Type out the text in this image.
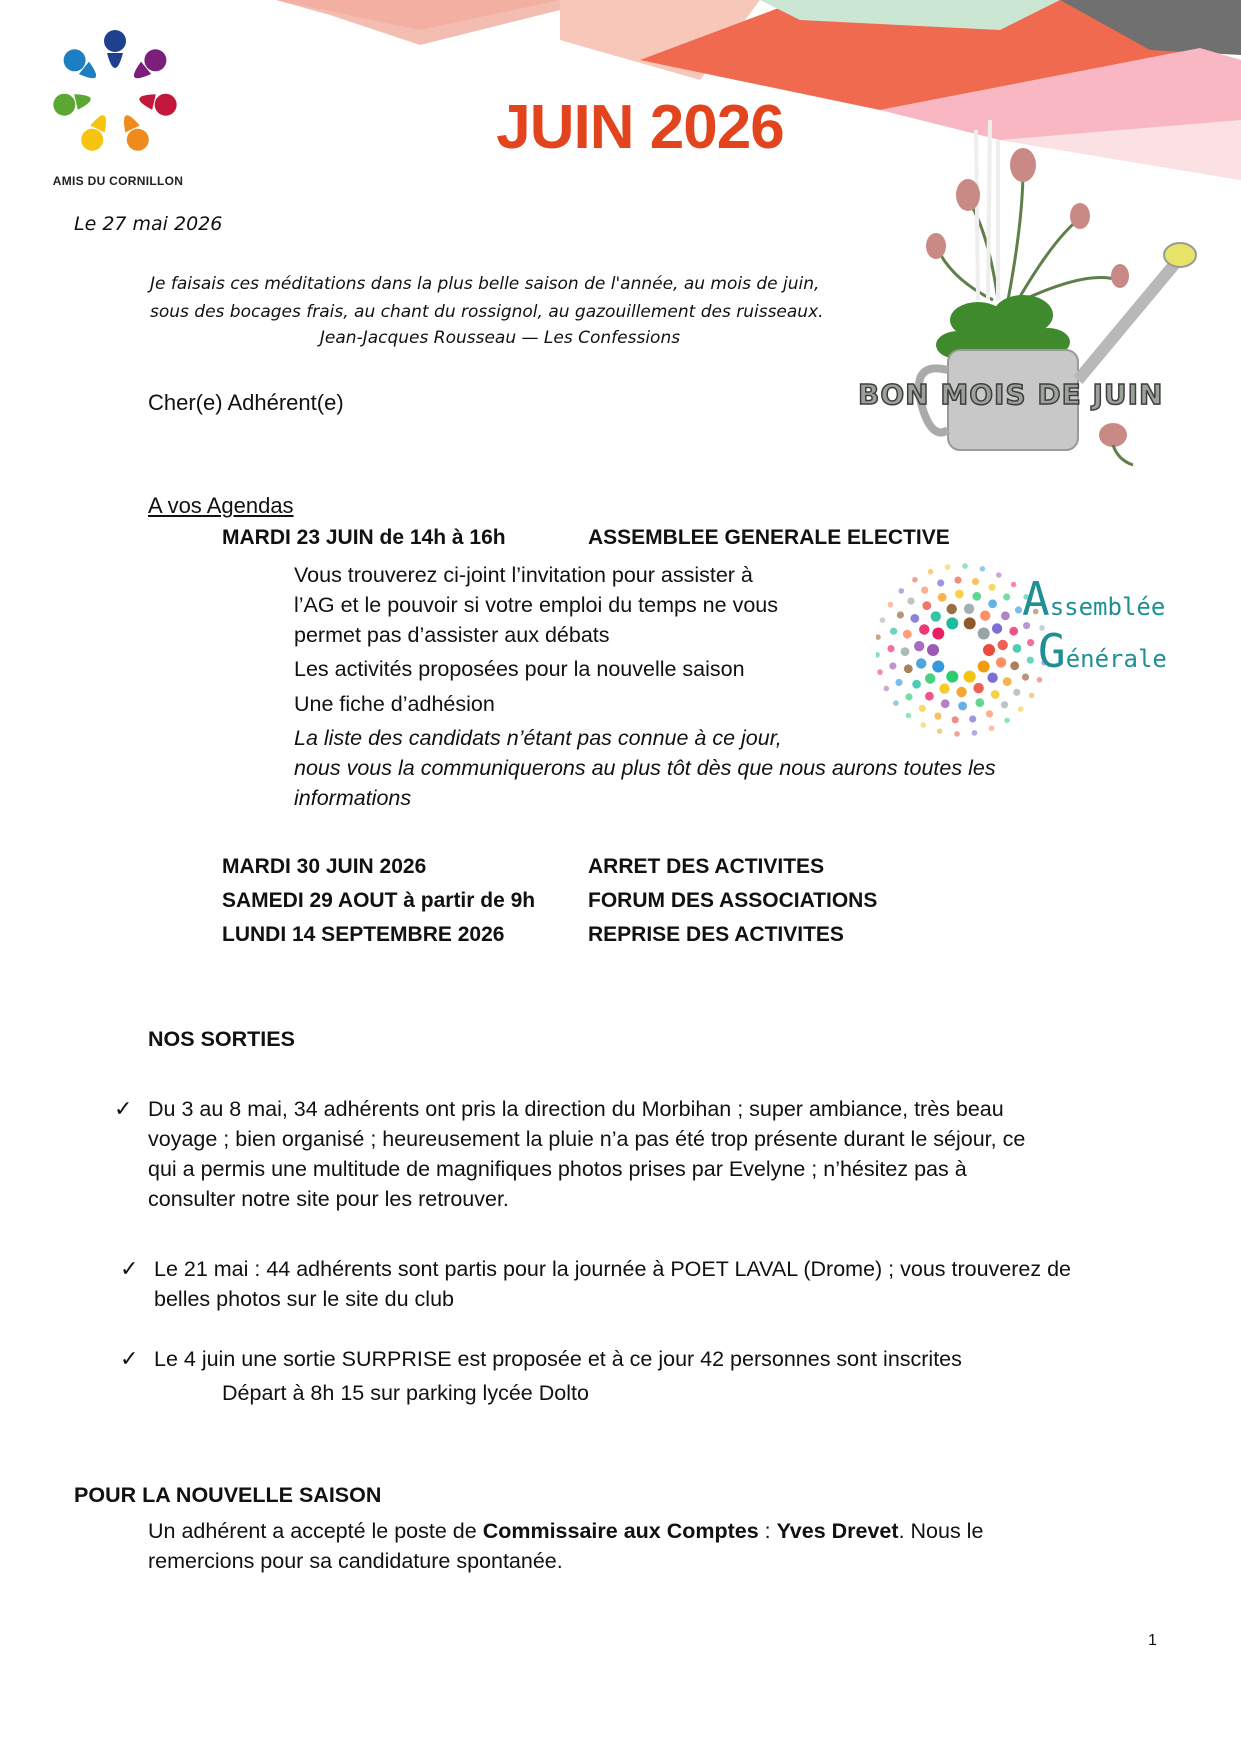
AMIS DU CORNILLON
JUIN 2026
Le 27 mai 2026
Je faisais ces méditations dans la plus belle saison de l'année, au mois de juin,
sous des bocages frais, au chant du rossignol, au gazouillement des ruisseaux.
Jean-Jacques Rousseau — Les Confessions
BON MOIS DE JUIN
Cher(e) Adhérent(e)
A vos Agendas
MARDI 23 JUIN de 14h à 16h	ASSEMBLEE GENERALE ELECTIVE
Vous trouverez ci-joint l’invitation pour assister à
l’AG et le pouvoir si votre emploi du temps ne vous
permet pas d’assister aux débats
Les activités proposées pour la nouvelle saison
Une fiche d’adhésion
La liste des candidats n’étant pas connue à ce jour,
nous vous la communiquerons au plus tôt dès que nous aurons toutes les
informations
Assemblée
Générale
MARDI 30 JUIN 2026	ARRET DES ACTIVITES
SAMEDI 29 AOUT à partir de 9h	FORUM DES ASSOCIATIONS
LUNDI 14 SEPTEMBRE 2026	REPRISE DES ACTIVITES
NOS SORTIES
✓ Du 3 au 8 mai, 34 adhérents ont pris la direction du Morbihan ; super ambiance, très beau
voyage ; bien organisé ; heureusement la pluie n’a pas été trop présente durant le séjour, ce
qui a permis une multitude de magnifiques photos prises par Evelyne ; n’hésitez pas à
consulter notre site pour les retrouver.
✓ Le 21 mai : 44 adhérents sont partis pour la journée à POET LAVAL (Drome) ; vous trouverez de
belles photos sur le site du club
✓ Le 4 juin une sortie SURPRISE est proposée et à ce jour 42 personnes sont inscrites
Départ à 8h 15 sur parking lycée Dolto
POUR LA NOUVELLE SAISON
Un adhérent a accepté le poste de Commissaire aux Comptes : Yves Drevet. Nous le
remercions pour sa candidature spontanée.
1
